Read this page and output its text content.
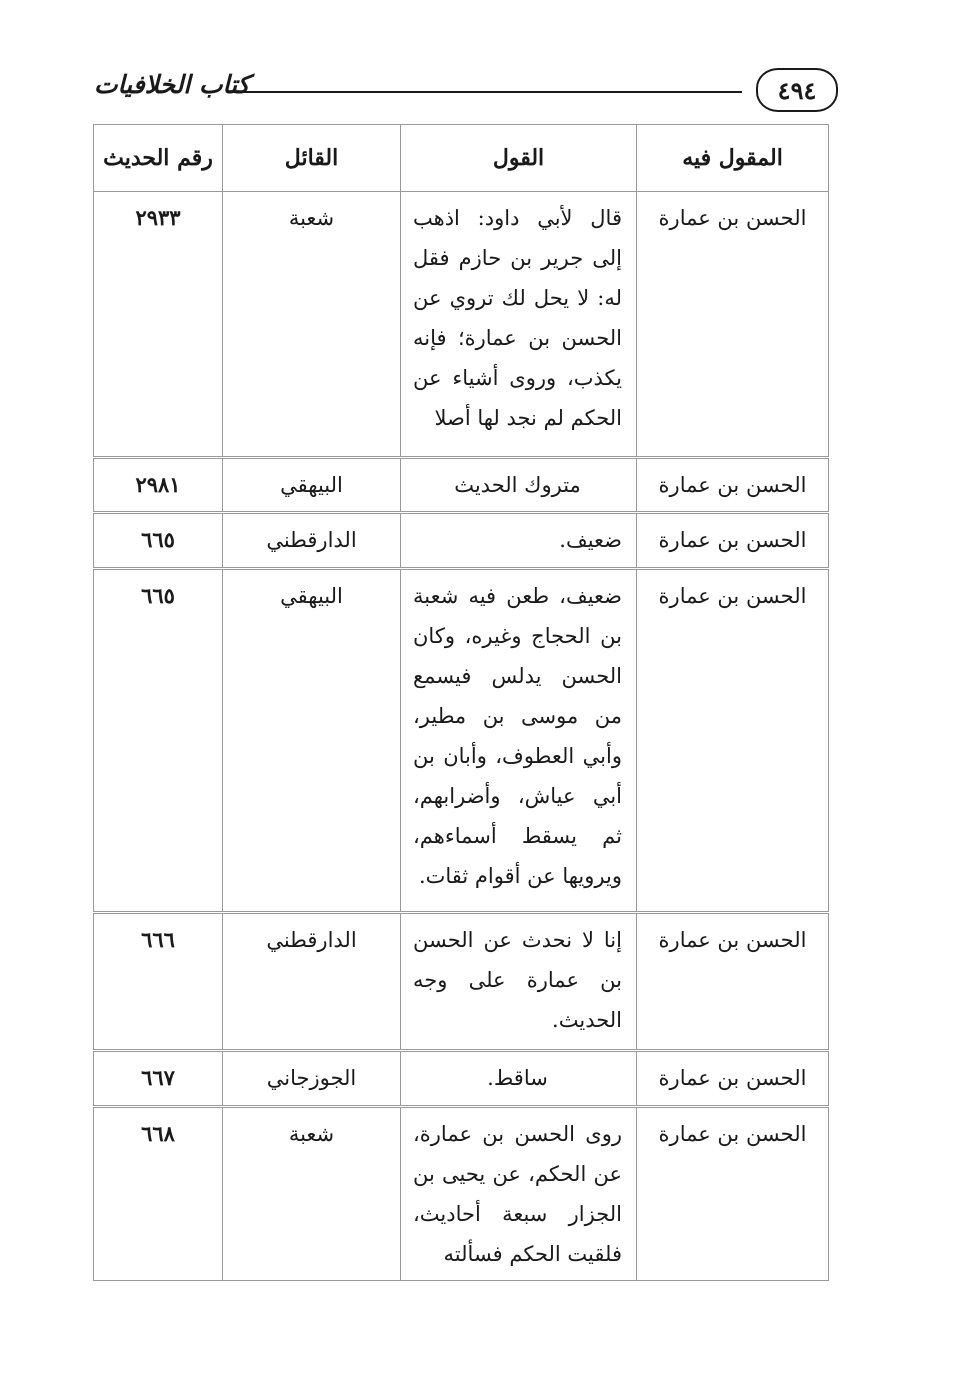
٤٩٤
كتاب الخلافيات
المقول فيه	القول	القائل	رقم الحديث
الحسن بن عمارة	قال لأبي داود: اذهب إلى جرير بن حازم فقل له: لا يحل لك تروي عن الحسن بن عمارة؛ فإنه يكذب، وروى أشياء عن الحكم لم نجد لها أصلا	شعبة	٢٩٣٣
الحسن بن عمارة	متروك الحديث	البيهقي	٢٩٨١
الحسن بن عمارة	ضعيف.	الدارقطني	٦٦٥
الحسن بن عمارة	ضعيف، طعن فيه شعبة بن الحجاج وغيره، وكان الحسن يدلس فيسمع من موسى بن مطير، وأبي العطوف، وأبان بن أبي عياش، وأضرابهم، ثم يسقط أسماءهم، ويرويها عن أقوام ثقات.	البيهقي	٦٦٥
الحسن بن عمارة	إنا لا نحدث عن الحسن بن عمارة على وجه الحديث.	الدارقطني	٦٦٦
الحسن بن عمارة	ساقط.	الجوزجاني	٦٦٧
الحسن بن عمارة	روى الحسن بن عمارة، عن الحكم، عن يحيى بن الجزار سبعة أحاديث، فلقيت الحكم فسألته	شعبة	٦٦٨
